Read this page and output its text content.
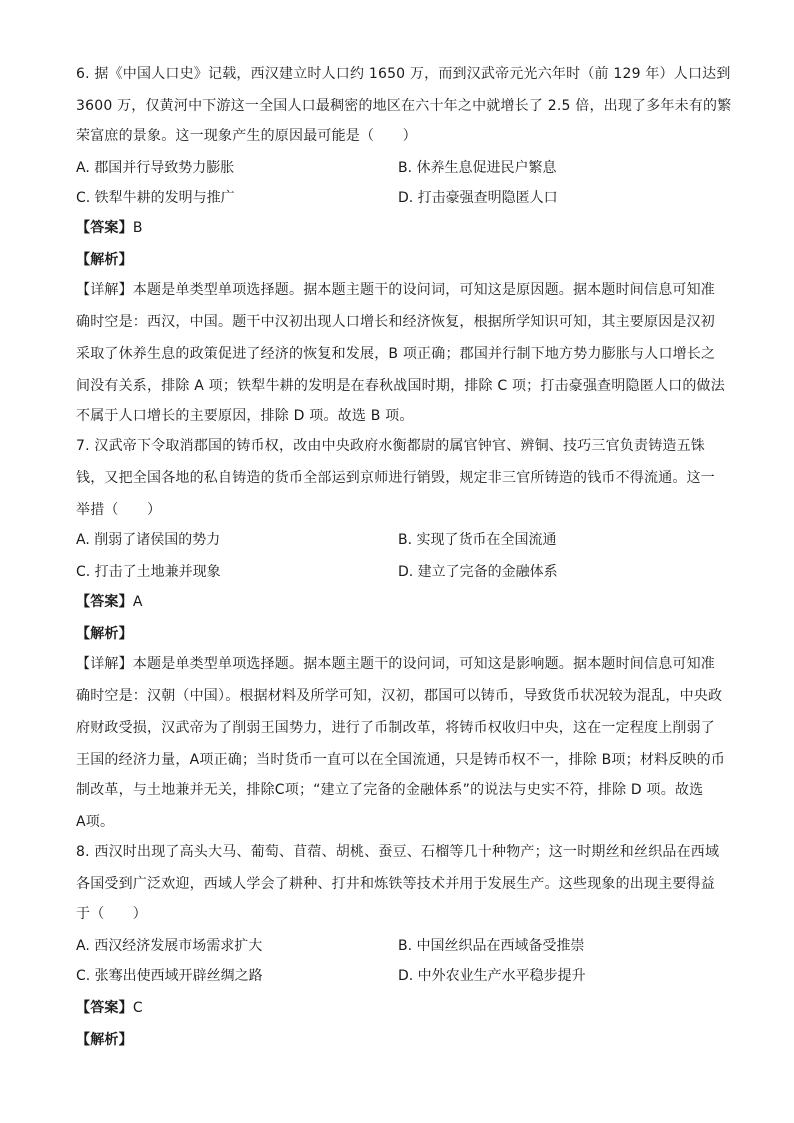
6. 据《中国人口史》记载，西汉建立时人口约 1650 万，而到汉武帝元光六年时（前 129 年）人口达到
3600 万，仅黄河中下游这一全国人口最稠密的地区在六十年之中就增长了 2.5 倍，出现了多年未有的繁
荣富庶的景象。这一现象产生的原因最可能是（　　）
A. 郡国并行导致势力膨胀	B. 休养生息促进民户繁息
C. 铁犁牛耕的发明与推广	D. 打击豪强查明隐匿人口
【答案】B
【解析】
【详解】本题是单类型单项选择题。据本题主题干的设问词，可知这是原因题。据本题时间信息可知准
确时空是：西汉，中国。题干中汉初出现人口增长和经济恢复，根据所学知识可知，其主要原因是汉初
采取了休养生息的政策促进了经济的恢复和发展，B 项正确；郡国并行制下地方势力膨胀与人口增长之
间没有关系，排除 A 项；铁犁牛耕的发明是在春秋战国时期，排除 C 项；打击豪强查明隐匿人口的做法
不属于人口增长的主要原因，排除 D 项。故选 B 项。
7. 汉武帝下令取消郡国的铸币权，改由中央政府水衡都尉的属官钟官、辨铜、技巧三官负责铸造五铢
钱，又把全国各地的私自铸造的货币全部运到京师进行销毁，规定非三官所铸造的钱币不得流通。这一
举措（　　）
A. 削弱了诸侯国的势力	B. 实现了货币在全国流通
C. 打击了土地兼并现象	D. 建立了完备的金融体系
【答案】A
【解析】
【详解】本题是单类型单项选择题。据本题主题干的设问词，可知这是影响题。据本题时间信息可知准
确时空是：汉朝（中国）。根据材料及所学可知，汉初，郡国可以铸币，导致货币状况较为混乱，中央政
府财政受损，汉武帝为了削弱王国势力，进行了币制改革，将铸币权收归中央，这在一定程度上削弱了
王国的经济力量，A项正确；当时货币一直可以在全国流通，只是铸币权不一，排除 B项；材料反映的币
制改革，与土地兼并无关，排除C项；“建立了完备的金融体系”的说法与史实不符，排除 D 项。故选
A项。
8. 西汉时出现了高头大马、葡萄、苜蓿、胡桃、蚕豆、石榴等几十种物产；这一时期丝和丝织品在西域
各国受到广泛欢迎，西域人学会了耕种、打井和炼铁等技术并用于发展生产。这些现象的出现主要得益
于（　　）
A. 西汉经济发展市场需求扩大	B. 中国丝织品在西域备受推崇
C. 张骞出使西域开辟丝绸之路	D. 中外农业生产水平稳步提升
【答案】C
【解析】
